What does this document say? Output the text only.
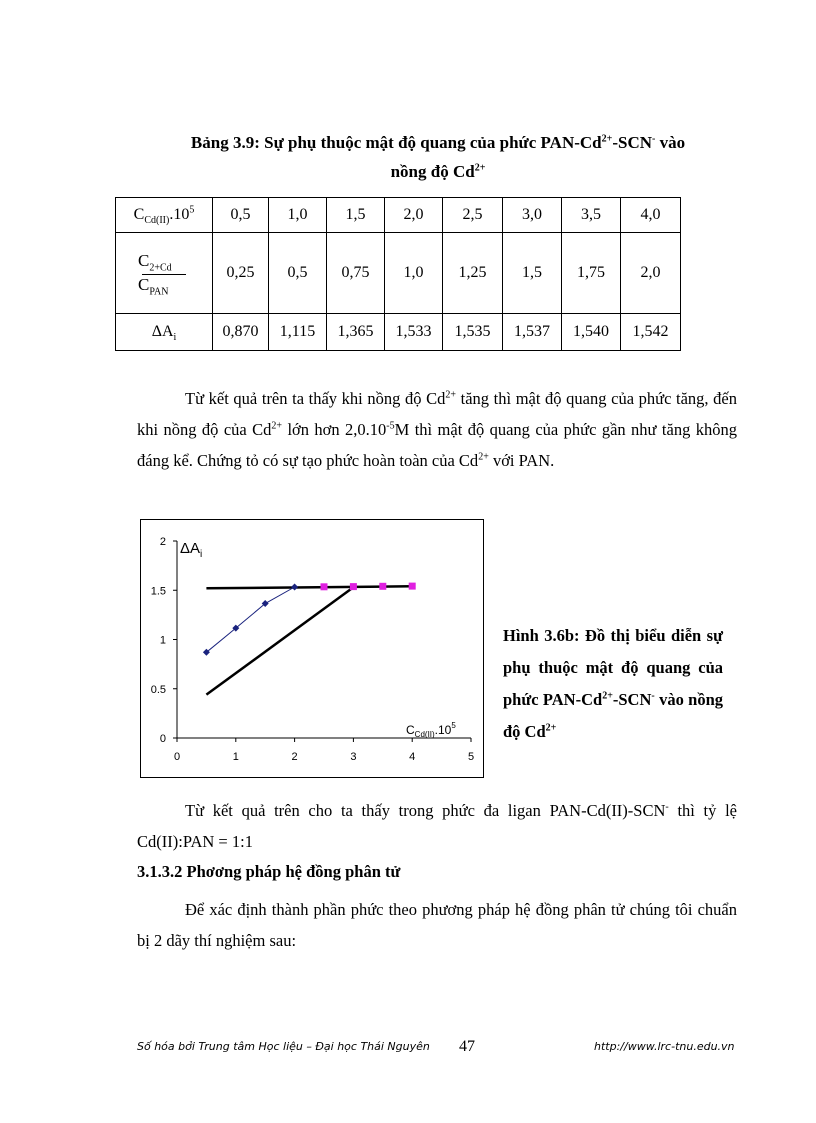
Bảng 3.9: Sự phụ thuộc mật độ quang của phức PAN-$Cd^{2+}-SCN^-$ vào
nồng độ $Cd^{2+}$
$C_{Cd(II)}.10^5$	0,5	1,0	1,5	2,0	2,5	3,0	3,5	4,0

$\frac{C_{2+Cd}}{C_{PAN}}$	0,25	0,5	0,75	1,0	1,25	1,5	1,75	2,0
$\Delta A_i$	0,870	1,115	1,365	1,533	1,535	1,537	1,540	1,542
Từ kết quả trên ta thấy khi nồng độ $Cd^{2+}$ tăng thì mật độ quang của phức tăng, đến khi nồng độ của $Cd^{2+}$ lớn hơn $2,0.10^{-5}M$ thì mật độ quang của phức gần như tăng không đáng kể. Chứng tỏ có sự tạo phức hoàn toàn của $Cd^{2+}$ với PAN.
0	1	2	3	4	5
0
0.5
1
1.5
2 $\Delta A_i$
$C_{Cd(II)}.10^5$
Hình 3.6b: Đồ thị biểu diễn sự phụ thuộc mật độ quang của phức PAN-$Cd^{2+}-SCN^-$ vào nồng độ $Cd^{2+}$
Từ kết quả trên cho ta thấy trong phức đa ligan PAN-Cd(II)-SCN- thì tỷ lệ Cd(II):PAN = 1:1
3.1.3.2 Phơơng pháp hệ đồng phân tử
Để xác định thành phần phức theo phương pháp hệ đồng phân tử chúng tôi chuẩn bị 2 dãy thí nghiệm sau:
Số hóa bởi Trung tâm Học liệu – Đại học Thái Nguyên 47	http://www.lrc-tnu.edu.vn
